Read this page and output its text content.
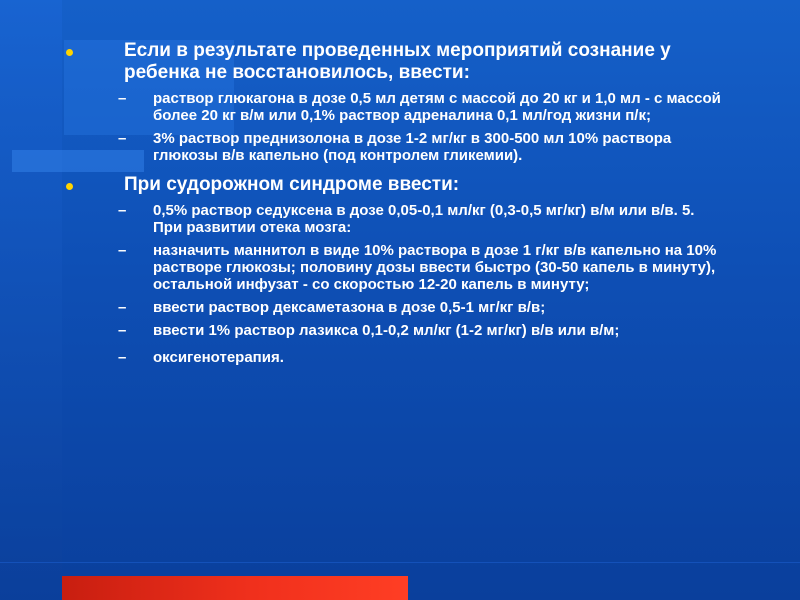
Если в результате проведенных мероприятий сознание у ребенка не восстановилось, ввести:
– раствор глюкагона в дозе 0,5 мл детям с массой до 20 кг и 1,0 мл - с массой более 20 кг в/м или 0,1% раствор адреналина 0,1 мл/год жизни п/к;
– 3% раствор преднизолона в дозе 1-2 мг/кг в 300-500 мл 10% раствора глюкозы в/в капельно (под контролем гликемии).
При судорожном синдроме ввести:
– 0,5% раствор седуксена в дозе 0,05-0,1 мл/кг (0,3-0,5 мг/кг) в/м или в/в. 5. При развитии отека мозга:
– назначить маннитол в виде 10% раствора в дозе 1 г/кг в/в капельно на 10% растворе глюкозы; половину дозы ввести быстро (30-50 капель в минуту), остальной инфузат - со скоростью 12-20 капель в минуту;
– ввести раствор дексаметазона в дозе 0,5-1 мг/кг в/в;
– ввести 1% раствор лазикса 0,1-0,2 мл/кг (1-2 мг/кг) в/в или в/м;
– оксигенотерапия.
